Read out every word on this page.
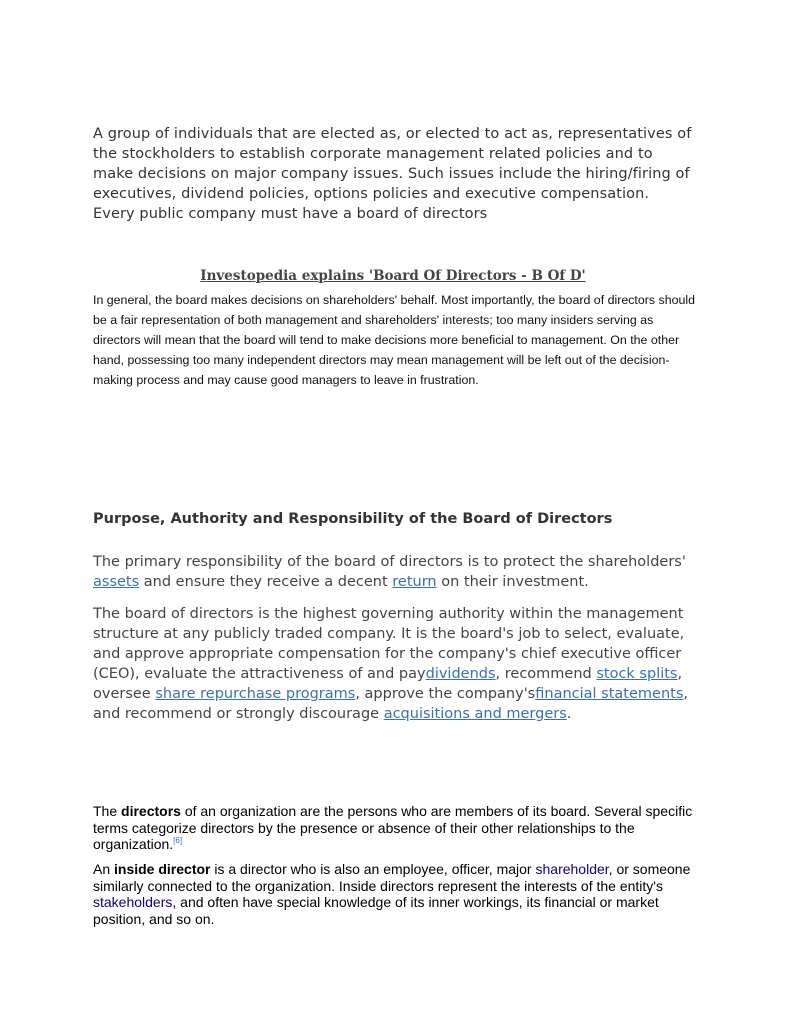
A group of individuals that are elected as, or elected to act as, representatives of the stockholders to establish corporate management related policies and to make decisions on major company issues. Such issues include the hiring/firing of executives, dividend policies, options policies and executive compensation. Every public company must have a board of directors

Investopedia explains 'Board Of Directors - B Of D'

In general, the board makes decisions on shareholders' behalf. Most importantly, the board of directors should be a fair representation of both management and shareholders' interests; too many insiders serving as directors will mean that the board will tend to make decisions more beneficial to management. On the other hand, possessing too many independent directors may mean management will be left out of the decision-making process and may cause good managers to leave in frustration.

Purpose, Authority and Responsibility of the Board of Directors

The primary responsibility of the board of directors is to protect the shareholders' assets and ensure they receive a decent return on their investment.

The board of directors is the highest governing authority within the management structure at any publicly traded company. It is the board's job to select, evaluate, and approve appropriate compensation for the company's chief executive officer (CEO), evaluate the attractiveness of and paydividends, recommend stock splits, oversee share repurchase programs, approve the company'sfinancial statements, and recommend or strongly discourage acquisitions and mergers.

The directors of an organization are the persons who are members of its board. Several specific terms categorize directors by the presence or absence of their other relationships to the organization.[6]

An inside director is a director who is also an employee, officer, major shareholder, or someone similarly connected to the organization. Inside directors represent the interests of the entity's stakeholders, and often have special knowledge of its inner workings, its financial or market position, and so on.
